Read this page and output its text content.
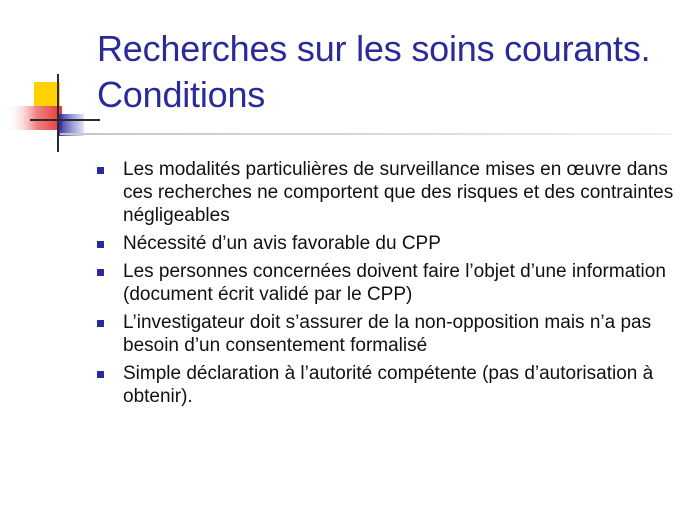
Recherches sur les soins courants. Conditions
Les modalités particulières de surveillance mises en œuvre dans ces recherches ne comportent que des risques et des contraintes négligeables
Nécessité d’un avis favorable du CPP
Les personnes concernées doivent faire l’objet d’une information (document écrit validé par le CPP)
L’investigateur doit s’assurer de la non-opposition mais n’a pas besoin d’un consentement formalisé
Simple déclaration à l’autorité compétente (pas d’autorisation à obtenir).
